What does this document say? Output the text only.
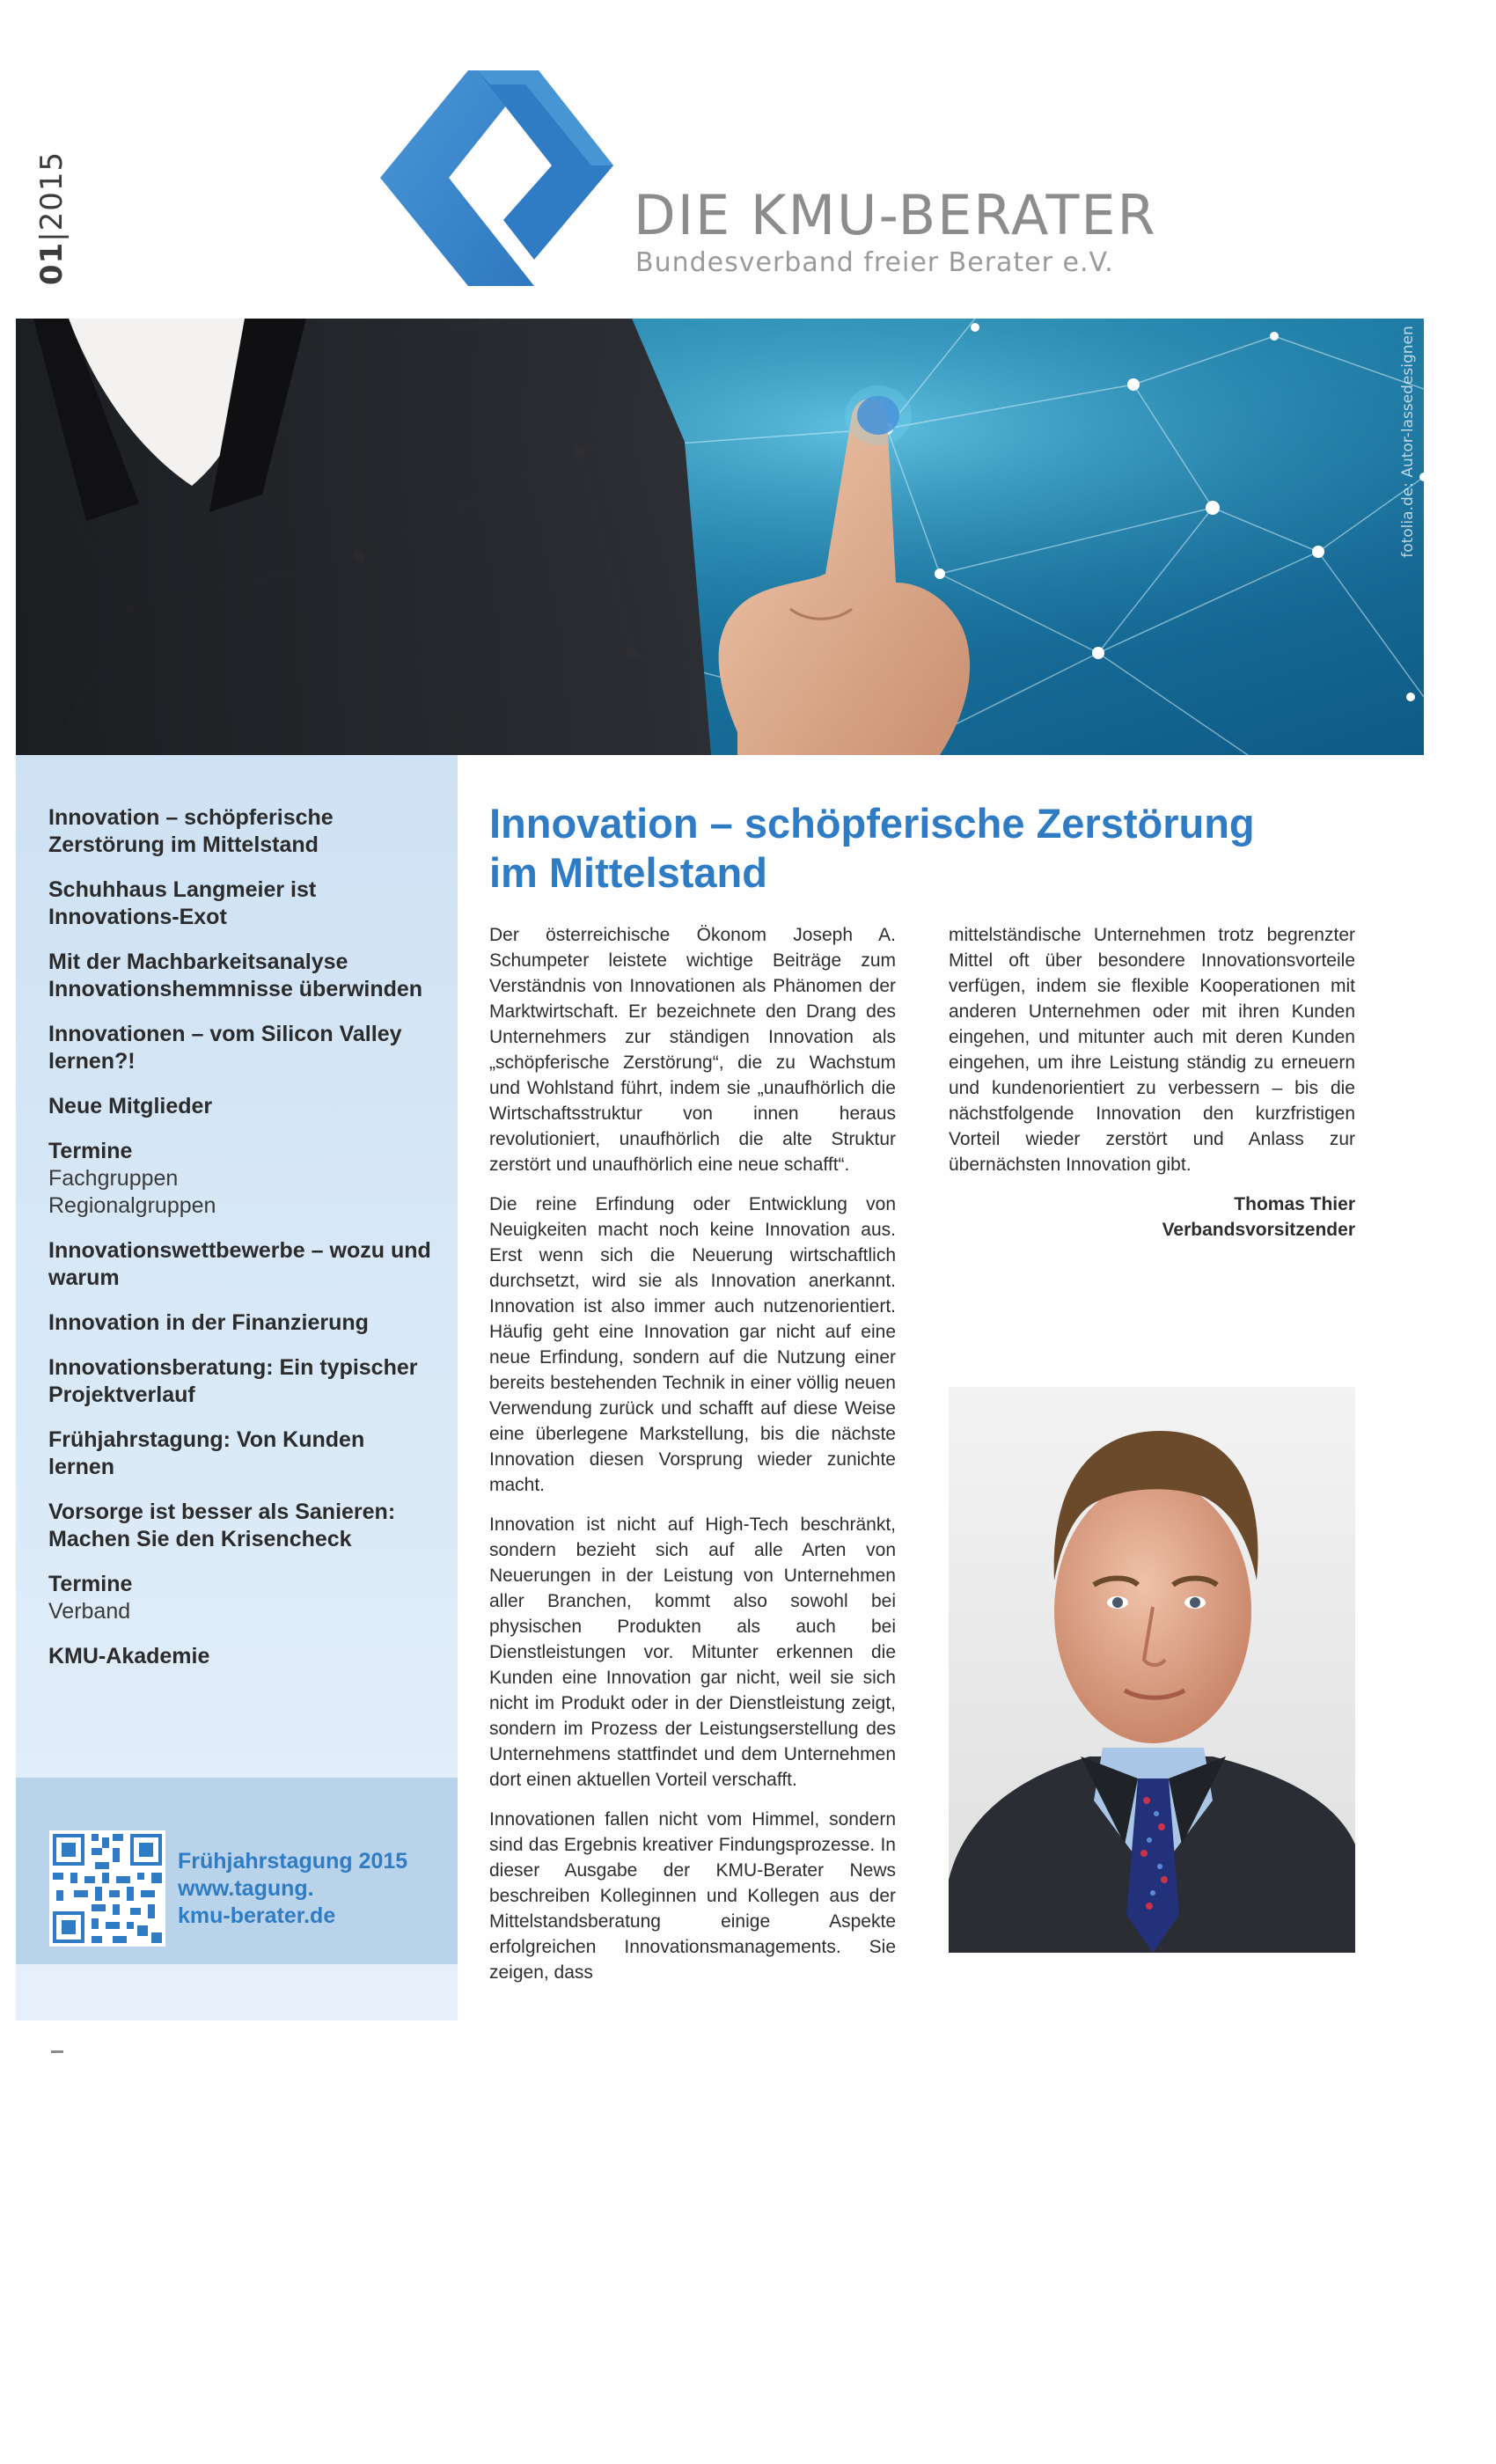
01|2015	DIE KMU-BERATER
Bundesverband freier Berater e.V.
fotolia.de: Autor-lassedesignen
Innovation – schöpferische Zerstörung im Mittelstand
Schuhhaus Langmeier ist Innovations-Exot
Mit der Machbarkeitsanalyse Innovationshemmnisse überwinden
Innovationen – vom Silicon Valley lernen?!
Neue Mitglieder
Termine
Fachgruppen
Regionalgruppen
Innovationswettbewerbe – wozu und warum
Innovation in der Finanzierung
Innovationsberatung: Ein typischer Projektverlauf
Frühjahrstagung: Von Kunden lernen
Vorsorge ist besser als Sanieren: Machen Sie den Krisencheck
Termine
Verband
KMU-Akademie
Frühjahrstagung 2015
www.tagung.
kmu-berater.de
Innovation – schöpferische Zerstörung
im Mittelstand

Der österreichische Ökonom Joseph A. Schumpeter leistete wichtige Beiträge zum Verständnis von Innovationen als Phänomen der Marktwirtschaft. Er bezeichnete den Drang des Unternehmers zur ständigen Innovation als „schöpferische Zerstörung“, die zu Wachstum und Wohlstand führt, indem sie „unaufhörlich die Wirtschaftsstruktur von innen heraus revolutioniert, unaufhörlich die alte Struktur zerstört und unaufhörlich eine neue schafft“.

Die reine Erfindung oder Entwicklung von Neuigkeiten macht noch keine Innovation aus. Erst wenn sich die Neuerung wirtschaftlich durchsetzt, wird sie als Innovation anerkannt. Innovation ist also immer auch nutzenorientiert. Häufig geht eine Innovation gar nicht auf eine neue Erfindung, sondern auf die Nutzung einer bereits bestehenden Technik in einer völlig neuen Verwendung zurück und schafft auf diese Weise eine überlegene Markstellung, bis die nächste Innovation diesen Vorsprung wieder zunichte macht.

Innovation ist nicht auf High-Tech beschränkt, sondern bezieht sich auf alle Arten von Neuerungen in der Leistung von Unternehmen aller Branchen, kommt also sowohl bei physischen Produkten als auch bei Dienstleistungen vor. Mitunter erkennen die Kunden eine Innovation gar nicht, weil sie sich nicht im Produkt oder in der Dienstleistung zeigt, sondern im Prozess der Leistungserstellung des Unternehmens stattfindet und dem Unternehmen dort einen aktuellen Vorteil verschafft.

Innovationen fallen nicht vom Himmel, sondern sind das Ergebnis kreativer Findungsprozesse. In dieser Ausgabe der KMU-Berater News beschreiben Kolleginnen und Kollegen aus der Mittelstandsberatung einige Aspekte erfolgreichen Innovationsmanagements. Sie zeigen, dass

mittelständische Unternehmen trotz begrenzter Mittel oft über besondere Innovationsvorteile verfügen, indem sie flexible Kooperationen mit anderen Unternehmen oder mit ihren Kunden eingehen, und mitunter auch mit deren Kunden eingehen, um ihre Leistung ständig zu erneuern und kundenorientiert zu verbessern – bis die nächstfolgende Innovation den kurzfristigen Vorteil wieder zerstört und Anlass zur übernächsten Innovation gibt.

Thomas Thier
Verbandsvorsitzender
